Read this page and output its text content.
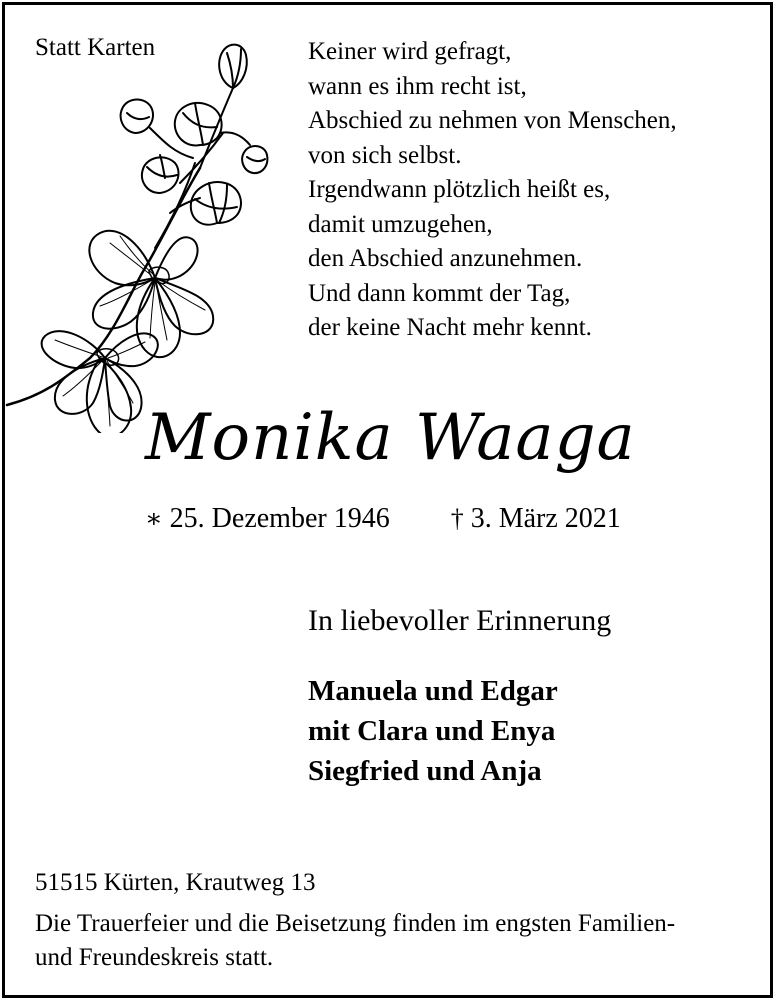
Statt Karten	Keiner wird gefragt,
wann es ihm recht ist,
Abschied zu nehmen von Menschen,
von sich selbst.
Irgendwann plötzlich heißt es,
damit umzugehen,
den Abschied anzunehmen.
Und dann kommt der Tag,
der keine Nacht mehr kennt.
Monika Waaga
∗ 25. Dezember 1946 † 3. März 2021
In liebevoller Erinnerung
Manuela und Edgar
mit Clara und Enya
Siegfried und Anja
51515 Kürten, Krautweg 13
Die Trauerfeier und die Beisetzung finden im engsten Familien-
und Freundeskreis statt.
